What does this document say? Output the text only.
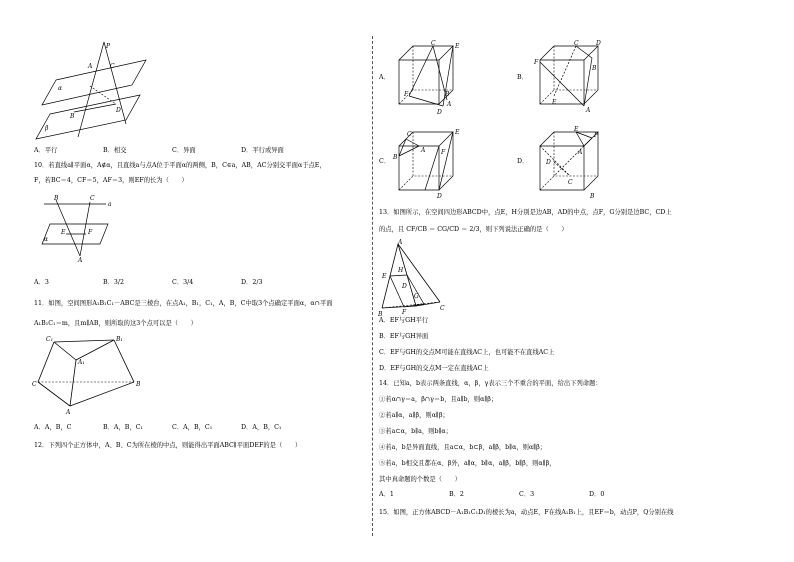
P
A	C
α
B
D
β
A．平行	B．相交	C．异面	D．平行或异面
10．若直线a∥平面α，A∉α，且直线a与点A位于平面α的两侧，B，C∈a，AB，AC分别交平面α于点E，
F，若BC＝4，CF＝5，AF＝3，则EF的长为（　　）
B	C
a
E	F
α
A
A．3	B．3/2	C．3/4	D．2/3
11．如图，空间图形A₁B₁C₁－ABC是三棱台，在点A₁，B₁，C₁，A，B，C中取3个点确定平面α，α∩平面
A₁B₁C₁＝m，且m∥AB，则所取的这3个点可以是（　　）
C₁	B₁
A₁
C	B
A
A．A，B，C	B．A，B，C₁	C．A，B，C₁	D．A，B，C₁
12．下列四个正方体中，A、B、C为所在棱的中点，则能得出平面ABC∥平面DEF的是（　　）
A．
C	E
F	B
D
A
B．
C	D
F
B
E
A
C．
C	E
F
B
A
D
D．
E
F
A
D
C
B
13．如图所示，在空间四边形ABCD中，点E，H分别是边AB，AD的中点，点F，G分别是边BC，CD上
的点，且 CF/CB ＝ CG/CD ＝ 2/3，则下列说法正确的是（　　）
A
E
H
D
B	F
G
C
A．EF与GH平行
B．EF与GH异面
C．EF与GH的交点M可能在直线AC上，也可能不在直线AC上
D．EF与GH的交点M一定在直线AC上
14．已知a，b表示两条直线，α，β，γ表示三个不重合的平面，给出下列命题：
①若α∩γ＝a，β∩γ＝b，且a∥b，则α∥β；
②若a∥α，a∥β，则α∥β；
③若a⊂α，b∥a，则b∥α；
④若a，b是异面直线，且a⊂α，b⊂β，a∥β，b∥α，则α∥β；
⑤若a，b相交且都在α、β外，a∥α，b∥α，a∥β，b∥β，则α∥β，
其中真命题的个数是（　　）
A．1	B．2	C．3	D．0
15．如图，正方体ABCD－A₁B₁C₁D₁的棱长为a，动点E，F在线A₁B₁上，且EF＝b，动点P，Q分别在线
